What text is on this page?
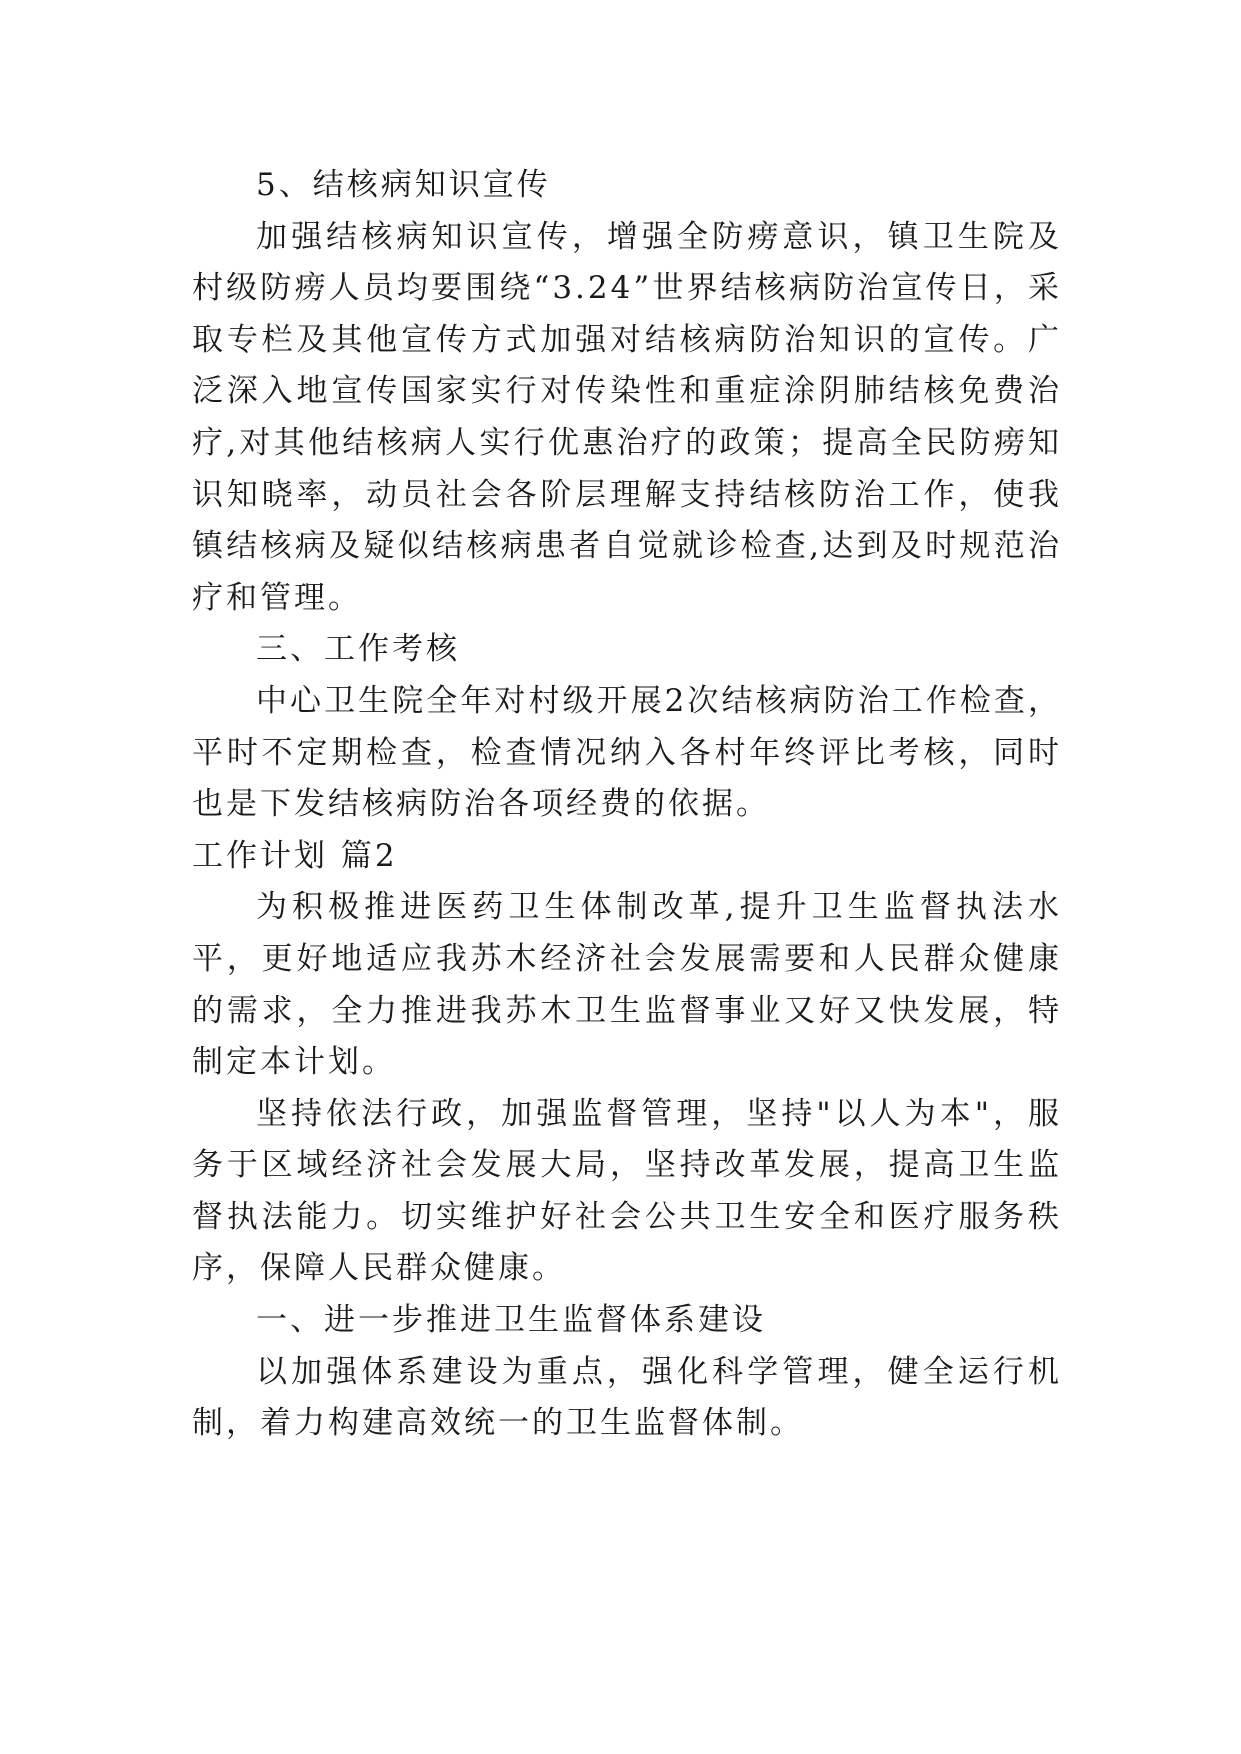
5、结核病知识宣传

加强结核病知识宣传，增强全防痨意识，镇卫生院及村级防痨人员均要围绕“3.24”世界结核病防治宣传日，采取专栏及其他宣传方式加强对结核病防治知识的宣传。广泛深入地宣传国家实行对传染性和重症涂阴肺结核免费治疗,对其他结核病人实行优惠治疗的政策；提高全民防痨知识知晓率，动员社会各阶层理解支持结核防治工作，使我镇结核病及疑似结核病患者自觉就诊检查,达到及时规范治疗和管理。

三、工作考核

中心卫生院全年对村级开展2次结核病防治工作检查，平时不定期检查，检查情况纳入各村年终评比考核，同时也是下发结核病防治各项经费的依据。

工作计划 篇2

为积极推进医药卫生体制改革,提升卫生监督执法水平，更好地适应我苏木经济社会发展需要和人民群众健康的需求，全力推进我苏木卫生监督事业又好又快发展，特制定本计划。

坚持依法行政，加强监督管理，坚持"以人为本"，服务于区域经济社会发展大局，坚持改革发展，提高卫生监督执法能力。切实维护好社会公共卫生安全和医疗服务秩序，保障人民群众健康。

一、进一步推进卫生监督体系建设

以加强体系建设为重点，强化科学管理，健全运行机制，着力构建高效统一的卫生监督体制。
